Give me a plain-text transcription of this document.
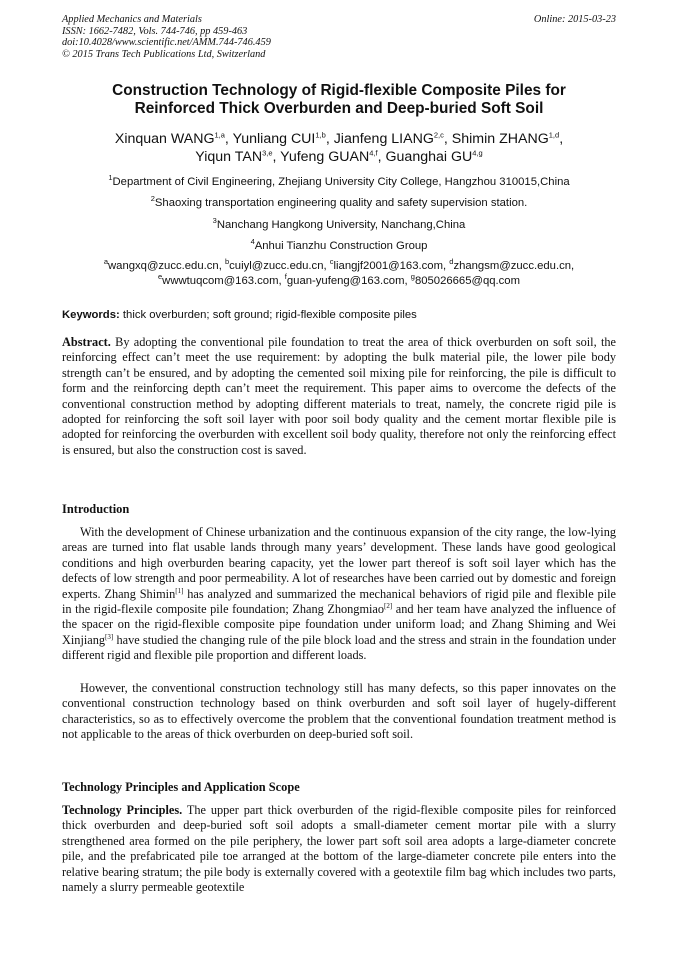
Applied Mechanics and Materials
ISSN: 1662-7482, Vols. 744-746, pp 459-463
doi:10.4028/www.scientific.net/AMM.744-746.459
© 2015 Trans Tech Publications Ltd, Switzerland
Online: 2015-03-23
Construction Technology of Rigid-flexible Composite Piles for
Reinforced Thick Overburden and Deep-buried Soft Soil
Xinquan WANG$^{1,a}$, Yunliang CUI$^{1,b}$, Jianfeng LIANG$^{2,c}$, Shimin ZHANG$^{1,d}$,
Yiqun TAN$^{3,e}$, Yufeng GUAN$^{4,f}$, Guanghai GU$^{4,g}$
$^1$Department of Civil Engineering, Zhejiang University City College, Hangzhou 310015,China
$^2$Shaoxing transportation engineering quality and safety supervision station.
$^3$Nanchang Hangkong University, Nanchang,China
$^4$Anhui Tianzhu Construction Group
$^a$wangxq@zucc.edu.cn, $^b$cuiyl@zucc.edu.cn, $^c$liangjf2001@163.com, $^d$zhangsm@zucc.edu.cn,
$^e$wwwtuqcom@163.com, $^f$guan-yufeng@163.com, $^g$805026665@qq.com
Keywords: thick overburden; soft ground; rigid-flexible composite piles
Abstract. By adopting the conventional pile foundation to treat the area of thick overburden on soft soil, the reinforcing effect can’t meet the use requirement: by adopting the bulk material pile, the lower pile body strength can’t be ensured, and by adopting the cemented soil mixing pile for reinforcing, the pile is difficult to form and the reinforcing depth can’t meet the requirement. This paper aims to overcome the defects of the conventional construction method by adopting different materials to treat, namely, the concrete rigid pile is adopted for reinforcing the soft soil layer with poor soil body quality and the cement mortar flexible pile is adopted for reinforcing the overburden with excellent soil body quality, therefore not only the reinforcing effect is ensured, but also the construction cost is saved.
Introduction
With the development of Chinese urbanization and the continuous expansion of the city range, the low-lying areas are turned into flat usable lands through many years’ development. These lands have good geological conditions and high overburden bearing capacity, yet the lower part thereof is soft soil layer which has the defects of low strength and poor permeability. A lot of researches have been carried out by domestic and foreign experts. Zhang Shimin[1] has analyzed and summarized the mechanical behaviors of rigid pile and flexible pile in the rigid-flexile composite pile foundation; Zhang Zhongmiao[2] and her team have analyzed the influence of the spacer on the rigid-flexible composite pipe foundation under uniform load; and Zhang Shiming and Wei Xinjiang[3] have studied the changing rule of the pile block load and the stress and strain in the foundation under different rigid and flexible pile proportion and different loads.
However, the conventional construction technology still has many defects, so this paper innovates on the conventional construction technology based on think overburden and soft soil layer of hugely-different characteristics, so as to effectively overcome the problem that the conventional foundation treatment method is not applicable to the areas of thick overburden on deep-buried soft soil.
Technology Principles and Application Scope
Technology Principles. The upper part thick overburden of the rigid-flexible composite piles for reinforced thick overburden and deep-buried soft soil adopts a small-diameter cement mortar pile with a slurry strengthened area formed on the pile periphery, the lower part soft soil area adopts a large-diameter concrete pile, and the prefabricated pile toe arranged at the bottom of the large-diameter concrete pile enters into the relative bearing stratum; the pile body is externally covered with a geotextile film bag which includes two parts, namely a slurry permeable geotextile
